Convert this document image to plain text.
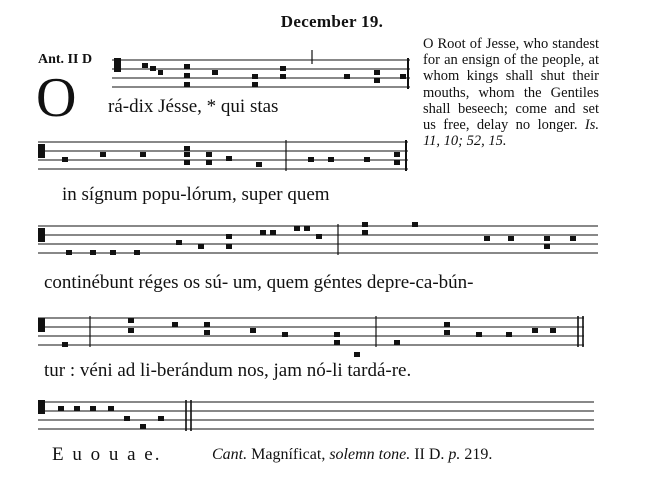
December 19.
Ant. II D
O
O Root of Jesse, who standest for an ensign of the people, at whom kings shall shut their mouths, whom the Gentiles shall beseech; come and set us free, delay no longer. Is. 11, 10; 52, 15.
rá-dix Jésse, * qui stas
in sígnum popu-lórum, super quem
continébunt réges os sú- um, quem géntes depre-ca-bún-
tur : véni ad li-berándum nos, jam nó-li tardá-re.
E u o u a e.	Cant. Magníficat, solemn tone. II D. p. 219.
